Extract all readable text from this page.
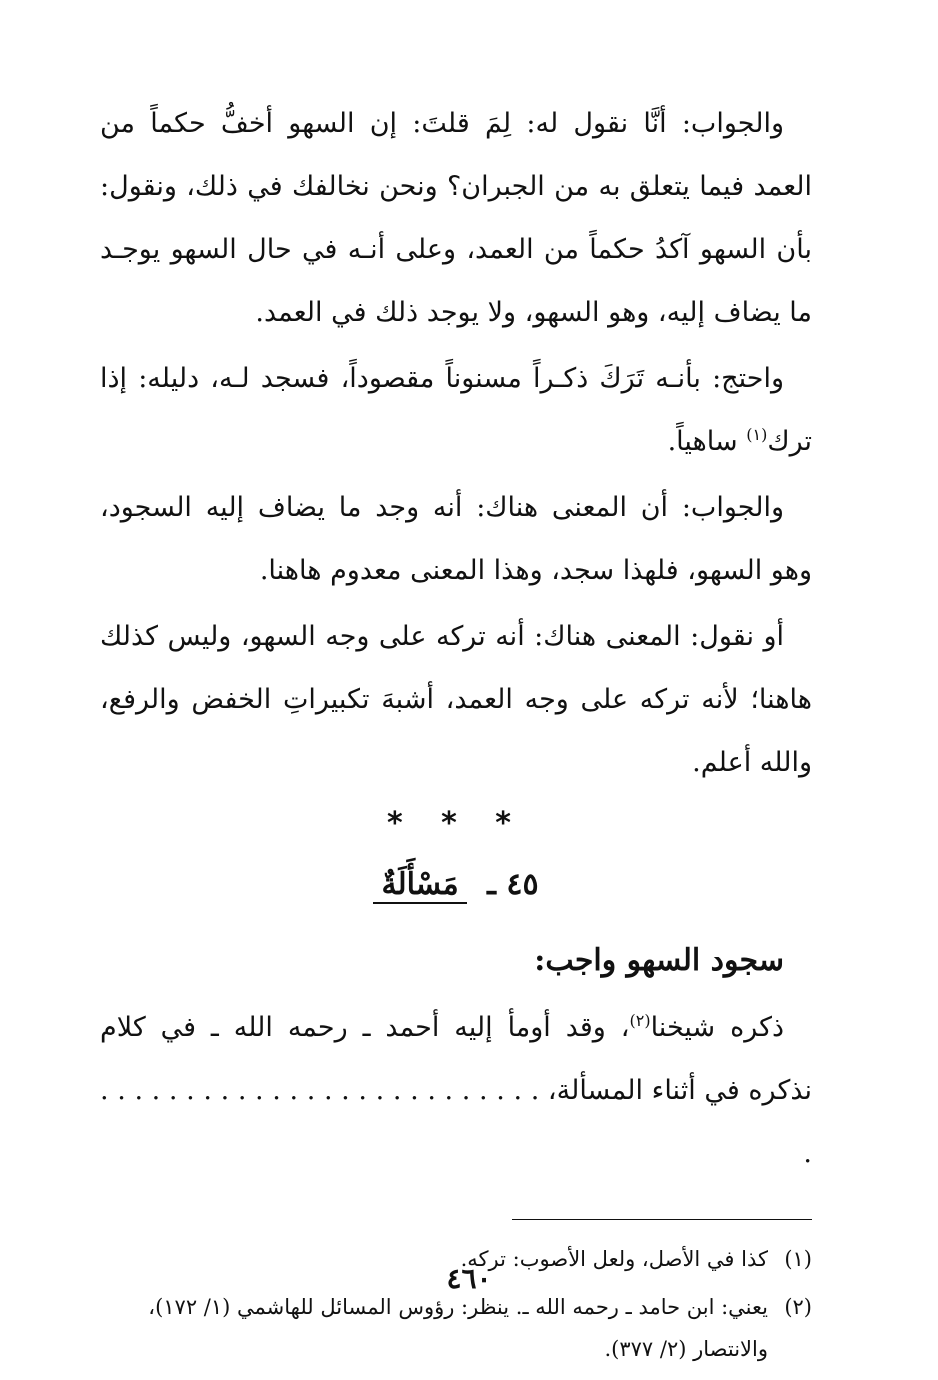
والجواب: أنَّا نقول له: لِمَ قلتَ: إن السهو أخفُّ حكماً من العمد فيما يتعلق به من الجبران؟ ونحن نخالفك في ذلك، ونقول: بأن السهو آكدُ حكماً من العمد، وعلى أنـه في حال السهو يوجـد ما يضاف إليه، وهو السهو، ولا يوجد ذلك في العمد.

واحتج: بأنـه تَرَكَ ذكـراً مسنوناً مقصوداً، فسجد لـه، دليله: إذا ترك$^{(١)}$ ساهياً.

والجواب: أن المعنى هناك: أنه وجد ما يضاف إليه السجود، وهو السهو، فلهذا سجد، وهذا المعنى معدوم هاهنا.

أو نقول: المعنى هناك: أنه تركه على وجه السهو، وليس كذلك هاهنا؛ لأنه تركه على وجه العمد، أشبهَ تكبيراتِ الخفض والرفع، والله أعلم.

* * *
٤٥ ـ مَسْأَلَةٌ
سجود السهو واجب:

ذكره شيخنا$^{(٢)}$، وقد أومأ إليه أحمد ـ رحمه الله ـ في كلام نذكره في أثناء المسألة، . . . . . . . . . . . . . . . . . . . . . . . . . . .

(١)
كذا في الأصل، ولعل الأصوب: تركه.
(٢)
يعني: ابن حامد ـ رحمه الله ـ. ينظر: رؤوس المسائل للهاشمي (١/ ١٧٢)، والانتصار (٢/ ٣٧٧).
٤٦٠
